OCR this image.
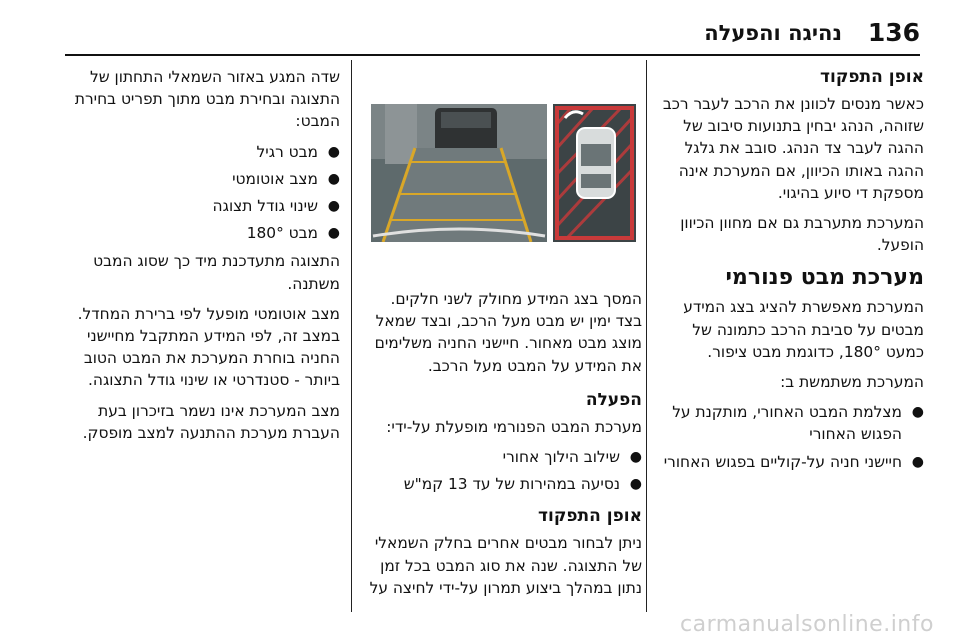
136
נהיגה והפעלה
אופן התפקוד

כאשר מנסים לכוונן את הרכב לעבר רכב שזוהה, הנהג יבחין בתנועות סיבוב של ההגה לעבר צד הנהג. סובב את גלגל ההגה באותו הכיוון, אם המערכת אינה מספקת די סיוע בהיגוי.

המערכת מתערבת גם אם מחוון הכיוון הופעל.

מערכת מבט פנורמי

המערכת מאפשרת להציג בצג המידע מבטים על סביבת הרכב כתמונה של כמעט 180°, כדוגמת מבט ציפור.

המערכת משתמשת ב:

●
מצלמת המבט האחורי, מותקנת על הפגוש האחורי
●
חיישני חניה על-קוליים בפגוש האחורי

המסך בצג המידע מחולק לשני חלקים. בצד ימין יש מבט מעל הרכב, ובצד שמאל מוצג מבט מאחור. חיישני החניה משלימים את המידע על המבט מעל הרכב.

הפעלה

מערכת המבט הפנורמי מופעלת על-ידי:

●
שילוב הילוך אחורי
●
נסיעה במהירות של עד 13 קמ"ש
אופן התפקוד

ניתן לבחור מבטים אחרים בחלק השמאלי של התצוגה. שנה את סוג המבט בכל זמן נתון במהלך ביצוע תמרון על-ידי לחיצה על

שדה המגע באזור השמאלי התחתון של התצוגה ובחירת מבט מתוך תפריט בחירת המבט:

●
מבט רגיל
●
מצב אוטומטי
●
שינוי גודל תצוגה
●
מבט 180°

התצוגה מתעדכנת מיד כך שסוג המבט משתנה.

מצב אוטומטי מופעל לפי ברירת המחדל. במצב זה, לפי המידע המתקבל מחיישני החניה בוחרת המערכת את המבט הטוב ביותר - סטנדרטי או שינוי גודל התצוגה.

מצב המערכת אינו נשמר בזיכרון בעת העברת מערכת ההתנעה למצב מופסק.

carmanualsonline.info
